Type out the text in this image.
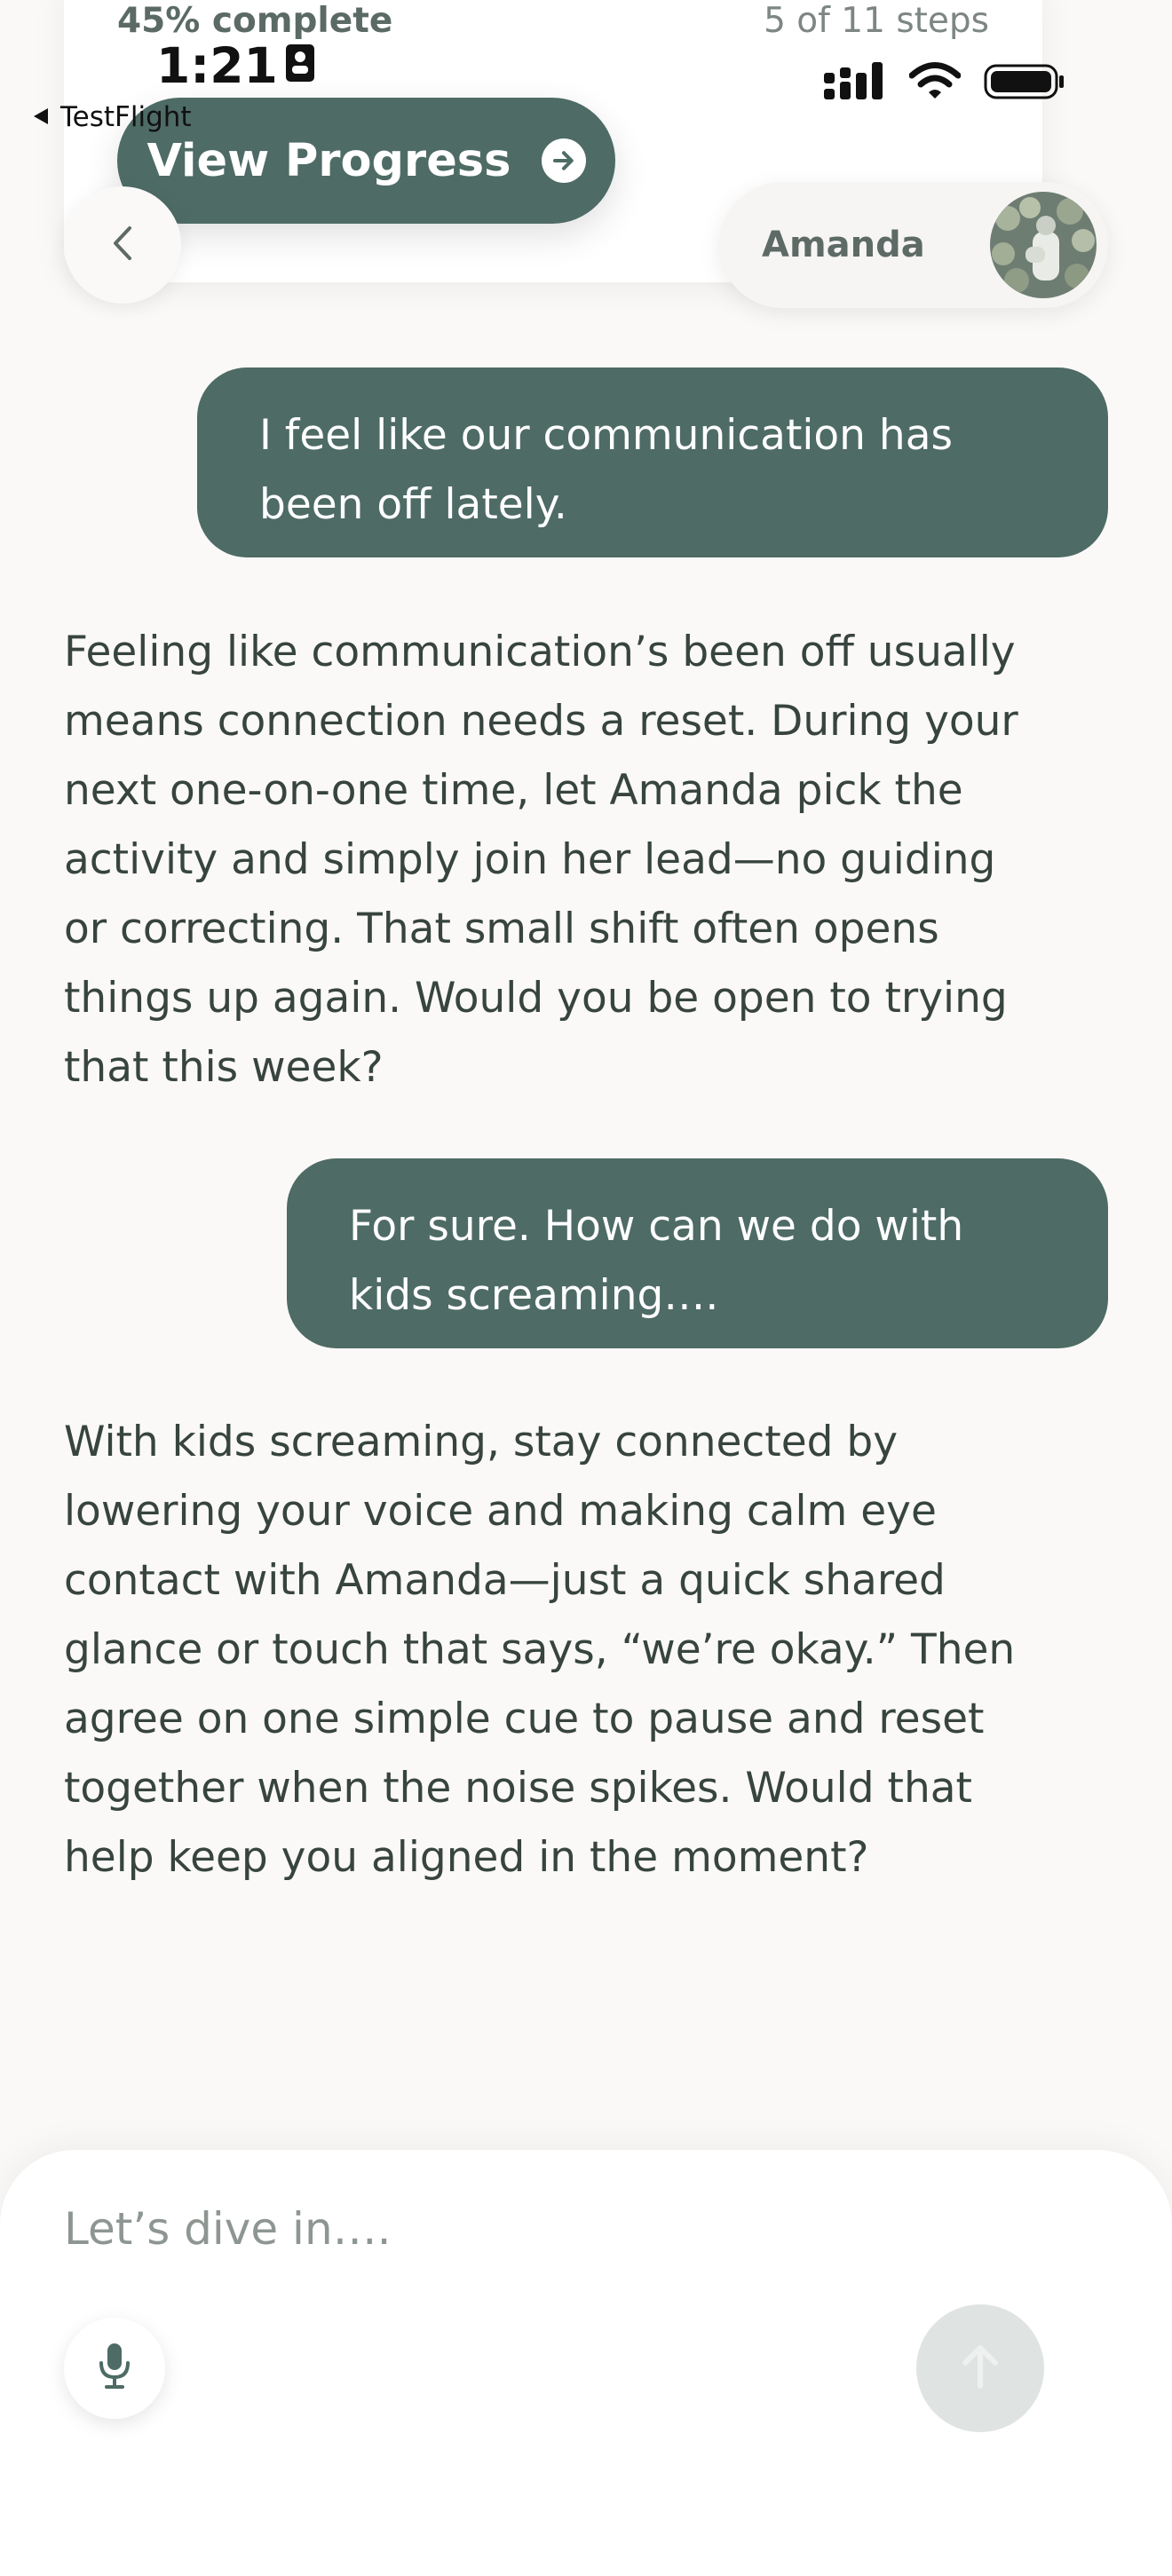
45% complete	5 of 11 steps
View Progress
1:21
TestFlight
Amanda
I feel like our communication has been off lately.
Feeling like communication’s been off usually means connection needs a reset. During your next one-on-one time, let Amanda pick the activity and simply join her lead—no guiding or correcting. That small shift often opens things up again. Would you be open to trying that this week?
For sure. How can we do with kids screaming….
With kids screaming, stay connected by lowering your voice and making calm eye contact with Amanda—just a quick shared glance or touch that says, “we’re okay.” Then agree on one simple cue to pause and reset together when the noise spikes. Would that help keep you aligned in the moment?
Let’s dive in….
